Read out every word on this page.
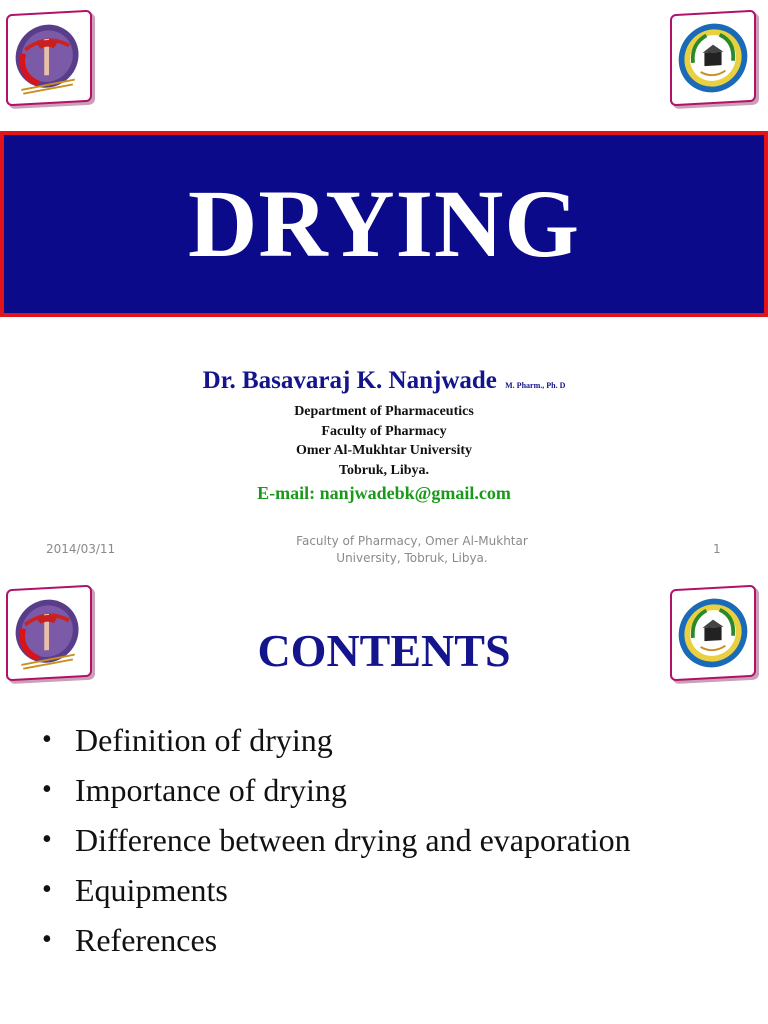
DRYING
Dr. Basavaraj K. Nanjwade M. Pharm., Ph. D
Department of Pharmaceutics
Faculty of Pharmacy
Omer Al-Mukhtar University
Tobruk, Libya.
E-mail: nanjwadebk@gmail.com
2014/03/11
Faculty of Pharmacy, Omer Al-Mukhtar
University, Tobruk, Libya.
1
CONTENTS
• Definition of drying
• Importance of drying
• Difference between drying and evaporation
• Equipments
• References
